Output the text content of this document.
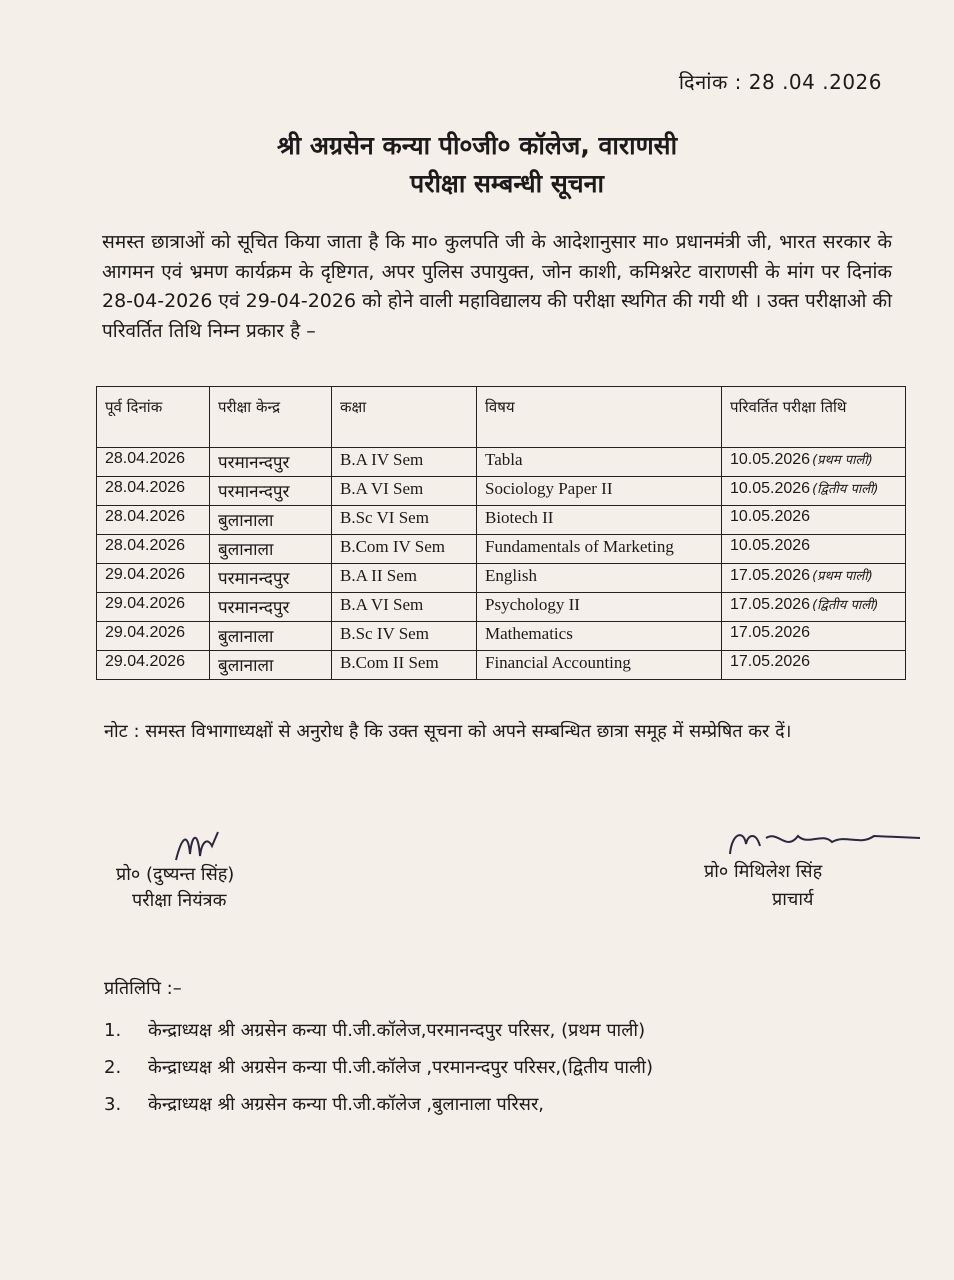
दिनांक : 28 .04 .2026
श्री अग्रसेन कन्या पी०जी० कॉलेज, वाराणसी
परीक्षा सम्बन्धी सूचना
समस्त छात्राओं को सूचित किया जाता है कि मा० कुलपति जी के आदेशानुसार मा० प्रधानमंत्री जी, भारत सरकार के आगमन एवं भ्रमण कार्यक्रम के दृष्टिगत, अपर पुलिस उपायुक्त, जोन काशी, कमिश्नरेट वाराणसी के मांग पर दिनांक 28-04-2026 एवं 29-04-2026 को होने वाली महाविद्यालय की परीक्षा स्थगित की गयी थी । उक्त परीक्षाओ की परिवर्तित तिथि निम्न प्रकार है –
पूर्व दिनांक	परीक्षा केन्द्र	कक्षा	विषय	परिवर्तित परीक्षा तिथि
28.04.2026	परमानन्दपुर	B.A IV Sem	Tabla	10.05.2026 (प्रथम पाली)
28.04.2026	परमानन्दपुर	B.A VI Sem	Sociology Paper II	10.05.2026 (द्वितीय पाली)
28.04.2026	बुलानाला	B.Sc VI Sem	Biotech II	10.05.2026
28.04.2026	बुलानाला	B.Com IV Sem	Fundamentals of Marketing	10.05.2026
29.04.2026	परमानन्दपुर	B.A II Sem	English	17.05.2026 (प्रथम पाली)
29.04.2026	परमानन्दपुर	B.A VI Sem	Psychology II	17.05.2026 (द्वितीय पाली)
29.04.2026	बुलानाला	B.Sc IV Sem	Mathematics	17.05.2026
29.04.2026	बुलानाला	B.Com II Sem	Financial Accounting	17.05.2026
नोट : समस्त विभागाध्यक्षों से अनुरोध है कि उक्त सूचना को अपने सम्बन्धित छात्रा समूह में सम्प्रेषित कर दें।
प्रो० (दुष्यन्त सिंह)
परीक्षा नियंत्रक
प्रो० मिथिलेश सिंह
प्राचार्य
प्रतिलिपि :–
1. केन्द्राध्यक्ष श्री अग्रसेन कन्या पी.जी.कॉलेज,परमानन्दपुर परिसर, (प्रथम पाली)
2. केन्द्राध्यक्ष श्री अग्रसेन कन्या पी.जी.कॉलेज ,परमानन्दपुर परिसर,(द्वितीय पाली)
3. केन्द्राध्यक्ष श्री अग्रसेन कन्या पी.जी.कॉलेज ,बुलानाला परिसर,
